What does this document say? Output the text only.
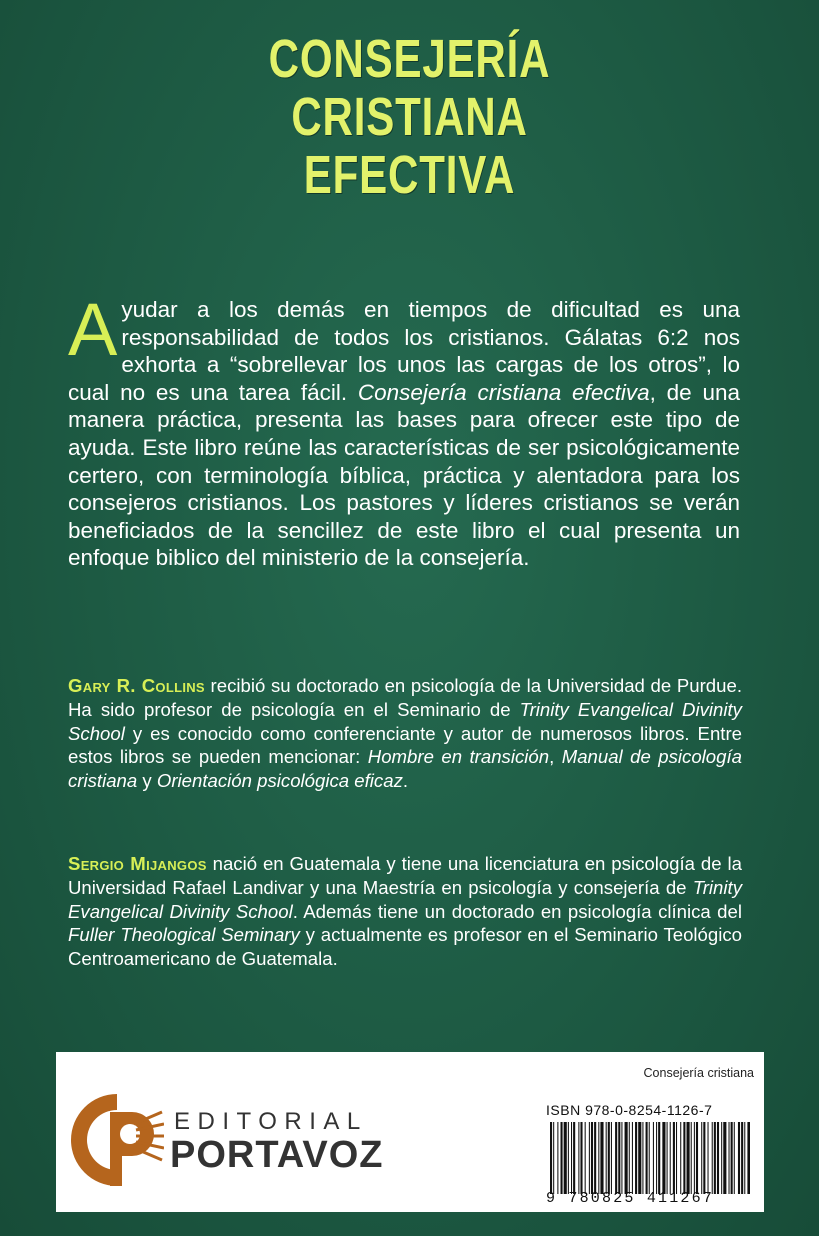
CONSEJERÍA
CRISTIANA
EFECTIVA
Ayudar a los demás en tiempos de dificultad es una responsabilidad de todos los cristianos. Gálatas 6:2 nos exhorta a “sobrellevar los unos las cargas de los otros”, lo cual no es una tarea fácil. Consejería cristiana efectiva, de una manera práctica, presenta las bases para ofrecer este tipo de ayuda. Este libro reúne las características de ser psicológicamente certero, con terminología bíblica, práctica y alentadora para los consejeros cristianos. Los pastores y líderes cristianos se verán beneficiados de la sencillez de este libro el cual presenta un enfoque biblico del ministerio de la consejería.
Gary R. Collins recibió su doctorado en psicología de la Universidad de Purdue. Ha sido profesor de psicología en el Seminario de Trinity Evangelical Divinity School y es conocido como conferenciante y autor de numerosos libros. Entre estos libros se pueden mencionar: Hombre en transición, Manual de psicología cristiana y Orientación psicológica eficaz.
Sergio Mijangos nació en Guatemala y tiene una licenciatura en psicología de la Universidad Rafael Landivar y una Maestría en psicología y consejería de Trinity Evangelical Divinity School. Además tiene un doctorado en psicología clínica del Fuller Theological Seminary y actualmente es profesor en el Seminario Teológico Centroamericano de Guatemala.
EDITORIAL
PORTAVOZ
Consejería cristiana
ISBN 978-0-8254-1126-7
9 780825 411267
